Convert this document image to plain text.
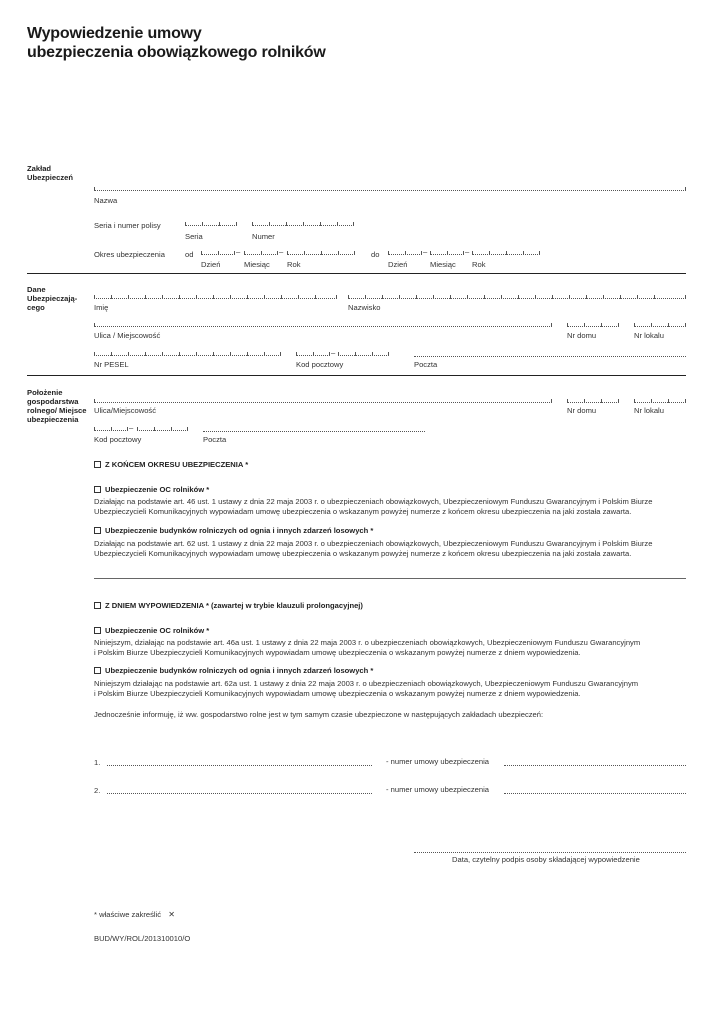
Wypowiedzenie umowy
ubezpieczenia obowiązkowego rolników
Zakład Ubezpieczeń
Nazwa
Seria i numer polisy
Seria	Numer
Okres ubezpieczenia	od	–	–
Dzień	Miesiąc Rok
do	–	–
Dzień	Miesiąc Rok
Dane Ubezpieczają-cego	Imię	Nazwisko
Ulica / Miejscowość	Nr domu	Nr lokalu
Nr PESEL
–
Kod pocztowy	Poczta
Położenie gospodarstwa rolnego/ Miejsce ubezpieczenia
Ulica/Miejscowość	Nr domu	Nr lokalu
–
Kod pocztowy	Poczta
Z KOŃCEM OKRESU UBEZPIECZENIA *
Ubezpieczenie OC rolników *
Działając na podstawie art. 46 ust. 1 ustawy z dnia 22 maja 2003 r. o ubezpieczeniach obowiązkowych, Ubezpieczeniowym Funduszu Gwarancyjnym i Polskim Biurze Ubezpieczycieli Komunikacyjnych wypowiadam umowę ubezpieczenia o wskazanym powyżej numerze z końcem okresu ubezpieczenia na jaki została zawarta.
Ubezpieczenie budynków rolniczych od ognia i innych zdarzeń losowych *
Działając na podstawie art. 62 ust. 1 ustawy z dnia 22 maja 2003 r. o ubezpieczeniach obowiązkowych, Ubezpieczeniowym Funduszu Gwarancyjnym i Polskim Biurze Ubezpieczycieli Komunikacyjnych wypowiadam umowę ubezpieczenia o wskazanym powyżej numerze z końcem okresu ubezpieczenia na jaki została zawarta.
Z DNIEM WYPOWIEDZENIA * (zawartej w trybie klauzuli prolongacyjnej)
Ubezpieczenie OC rolników *
Niniejszym, działając na podstawie art. 46a ust. 1 ustawy z dnia 22 maja 2003 r. o ubezpieczeniach obowiązkowych, Ubezpieczeniowym Funduszu Gwarancyjnym
i Polskim Biurze Ubezpieczycieli Komunikacyjnych wypowiadam umowę ubezpieczenia o wskazanym powyżej numerze z dniem wypowiedzenia.
Ubezpieczenie budynków rolniczych od ognia i innych zdarzeń losowych *
Niniejszym działając na podstawie art. 62a ust. 1 ustawy z dnia 22 maja 2003 r. o ubezpieczeniach obowiązkowych, Ubezpieczeniowym Funduszu Gwarancyjnym
i Polskim Biurze Ubezpieczycieli Komunikacyjnych wypowiadam umowę ubezpieczenia o wskazanym powyżej numerze z dniem wypowiedzenia.
Jednocześnie informuję, iż ww. gospodarstwo rolne jest w tym samym czasie ubezpieczone w następujących zakładach ubezpieczeń:
1.	- numer umowy ubezpieczenia
2.	- numer umowy ubezpieczenia
Data, czytelny podpis osoby składającej wypowiedzenie
* właściwe zakreślić ✕
BUD/WY/ROL/201310010/O
